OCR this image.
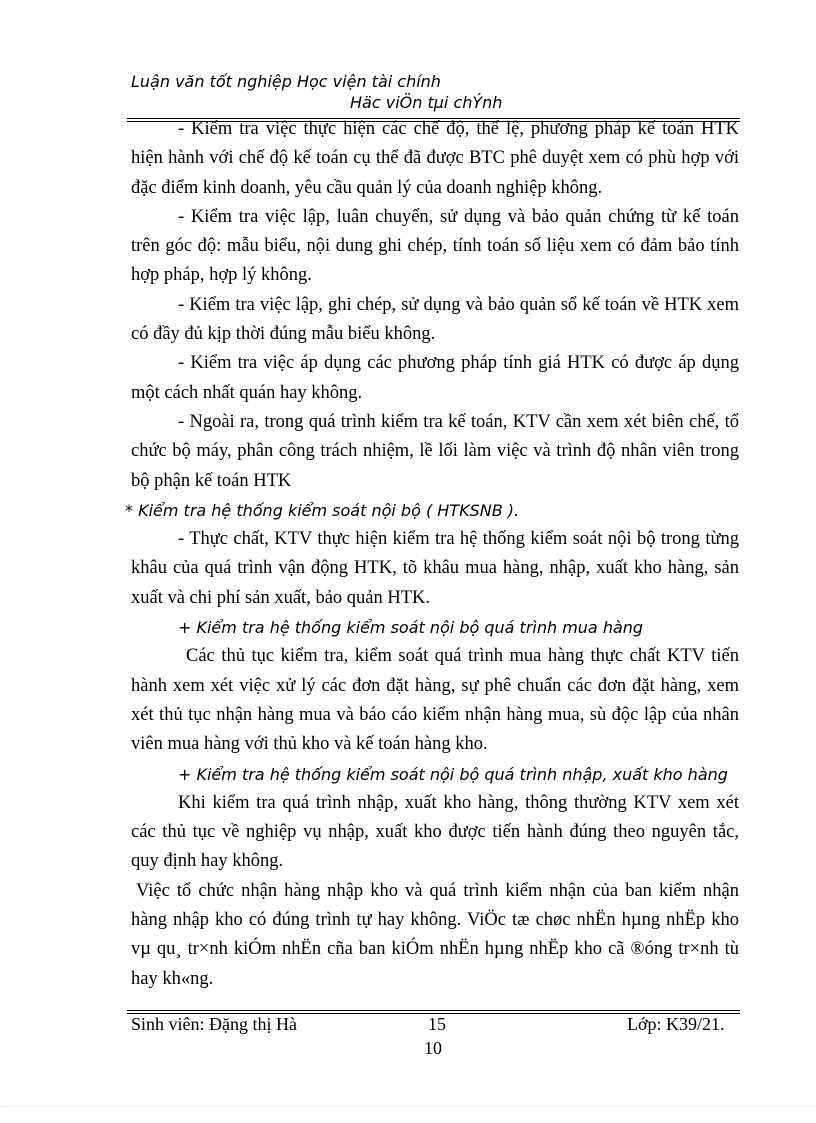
Luận văn tốt nghiệp Học viện tài chính
Häc viÖn tµi chÝnh

- Kiểm tra việc thực hiện các chế độ, thể lệ, phương pháp kế toán HTK hiện hành với chế độ kế toán cụ thể đã được BTC phê duyệt xem có phù hợp với đặc điểm kinh doanh, yêu cầu quản lý của doanh nghiệp không.

- Kiểm tra việc lập, luân chuyển, sử dụng và bảo quản chứng từ kế toán trên góc độ: mẫu biểu, nội dung ghi chép, tính toán số liệu xem có đảm bảo tính hợp pháp, hợp lý không.

- Kiểm tra việc lập, ghi chép, sử dụng và bảo quản sổ kế toán về HTK xem có đầy đủ kịp thời đúng mẫu biểu không.

- Kiểm tra việc áp dụng các phương pháp tính giá HTK có được áp dụng một cách nhất quán hay không.

- Ngoài ra, trong quá trình kiểm tra kế toán, KTV cần xem xét biên chế, tổ chức bộ máy, phân công trách nhiệm, lề lối làm việc và trình độ nhân viên trong bộ phận kế toán HTK

* Kiểm tra hệ thống kiểm soát nội bộ ( HTKSNB ).

- Thực chất, KTV thực hiện kiểm tra hệ thống kiểm soát nội bộ trong từng khâu của quá trình vận động HTK, tõ khâu mua hàng, nhập, xuất kho hàng, sản xuất và chi phí sản xuất, bảo quản HTK.

+ Kiểm tra hệ thống kiểm soát nội bộ quá trình mua hàng

Các thủ tục kiểm tra, kiểm soát quá trình mua hàng thực chất KTV tiến hành xem xét việc xử lý các đơn đặt hàng, sự phê chuẩn các đơn đặt hàng, xem xét thủ tục nhận hàng mua và báo cáo kiểm nhận hàng mua, sù độc lập của nhân viên mua hàng với thủ kho và kế toán hàng kho.

+ Kiểm tra hệ thống kiểm soát nội bộ quá trình nhập, xuất kho hàng

Khi kiểm tra quá trình nhập, xuất kho hàng, thông thường KTV xem xét các thủ tục về nghiệp vụ nhập, xuất kho được tiến hành đúng theo nguyên tắc, quy định hay không.

Việc tổ chức nhận hàng nhập kho và quá trình kiểm nhận của ban kiểm nhận hàng nhập kho có đúng trình tự hay không. ViÖc tæ chøc nhËn hµng nhËp kho vµ qu¸ tr×nh kiÓm nhËn cña ban kiÓm nhËn hµng nhËp kho cã ®óng tr×nh tù hay kh«ng.

Sinh viên: Đặng thị Hà	15	Lớp: K39/21.
10
